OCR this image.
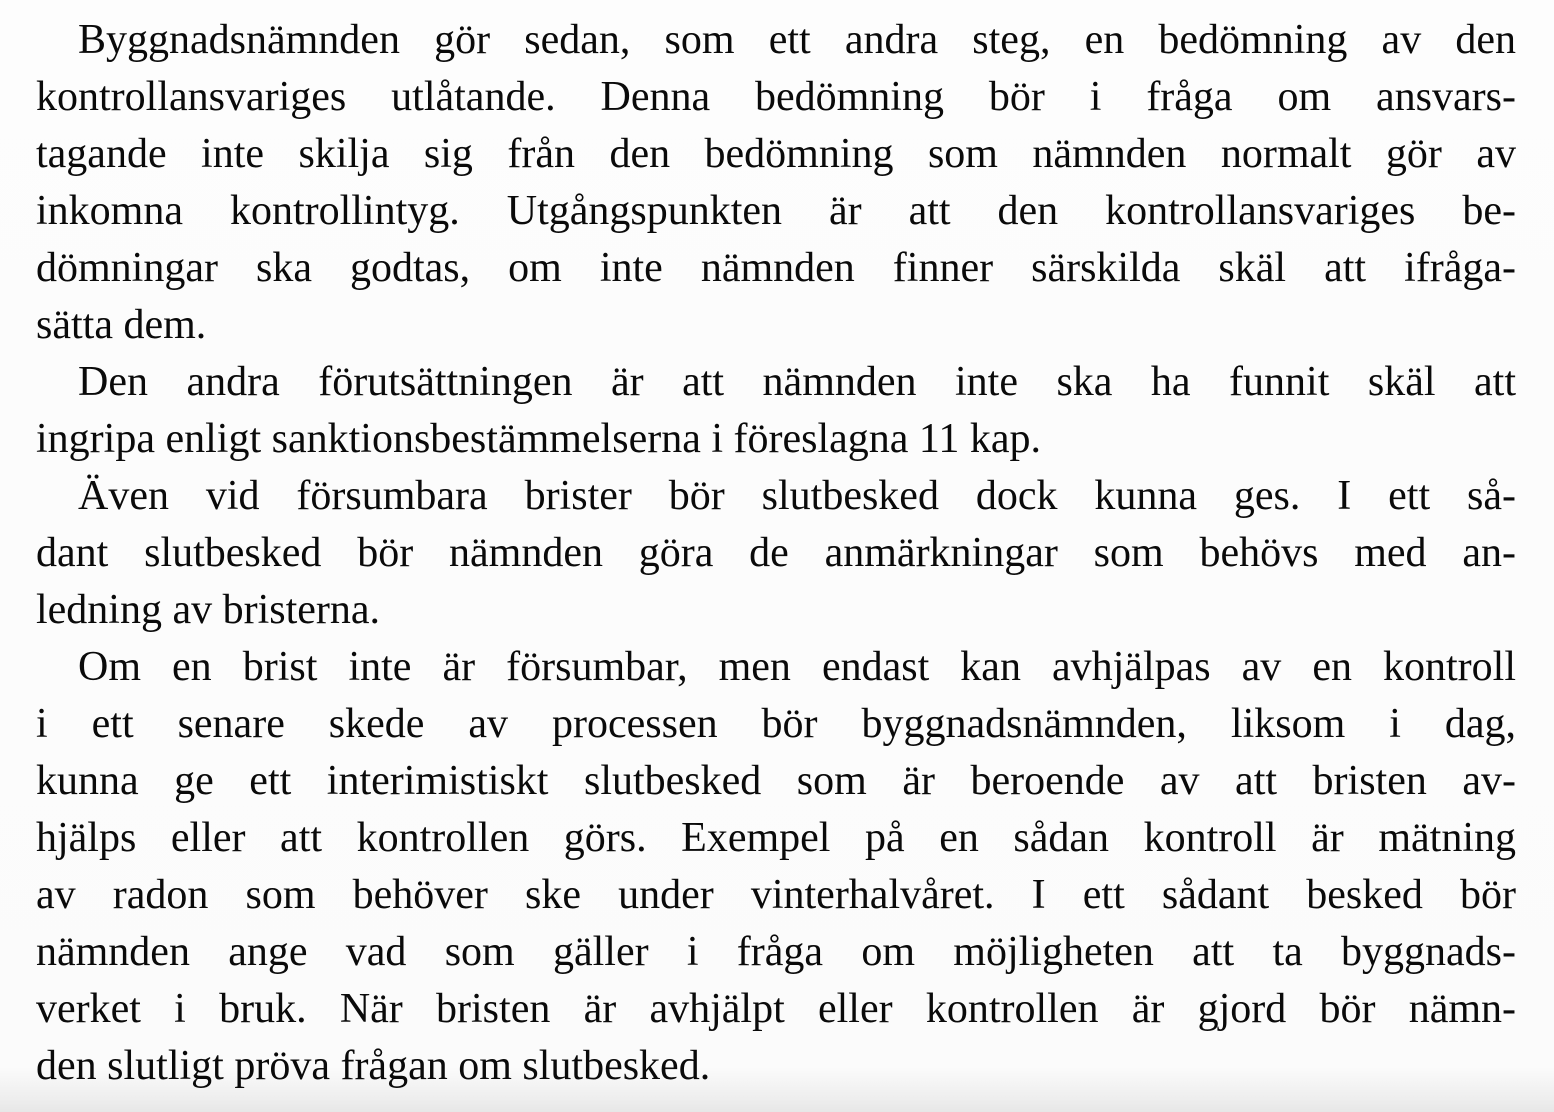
Byggnadsnämnden gör sedan, som ett andra steg, en bedömning av den
kontrollansvariges utlåtande. Denna bedömning bör i fråga om ansvars-
tagande inte skilja sig från den bedömning som nämnden normalt gör av
inkomna kontrollintyg. Utgångspunkten är att den kontrollansvariges be-
dömningar ska godtas, om inte nämnden finner särskilda skäl att ifråga-
sätta dem.
Den andra förutsättningen är att nämnden inte ska ha funnit skäl att
ingripa enligt sanktionsbestämmelserna i föreslagna 11 kap.
Även vid försumbara brister bör slutbesked dock kunna ges. I ett så-
dant slutbesked bör nämnden göra de anmärkningar som behövs med an-
ledning av bristerna.
Om en brist inte är försumbar, men endast kan avhjälpas av en kontroll
i ett senare skede av processen bör byggnadsnämnden, liksom i dag,
kunna ge ett interimistiskt slutbesked som är beroende av att bristen av-
hjälps eller att kontrollen görs. Exempel på en sådan kontroll är mätning
av radon som behöver ske under vinterhalvåret. I ett sådant besked bör
nämnden ange vad som gäller i fråga om möjligheten att ta byggnads-
verket i bruk. När bristen är avhjälpt eller kontrollen är gjord bör nämn-
den slutligt pröva frågan om slutbesked.
